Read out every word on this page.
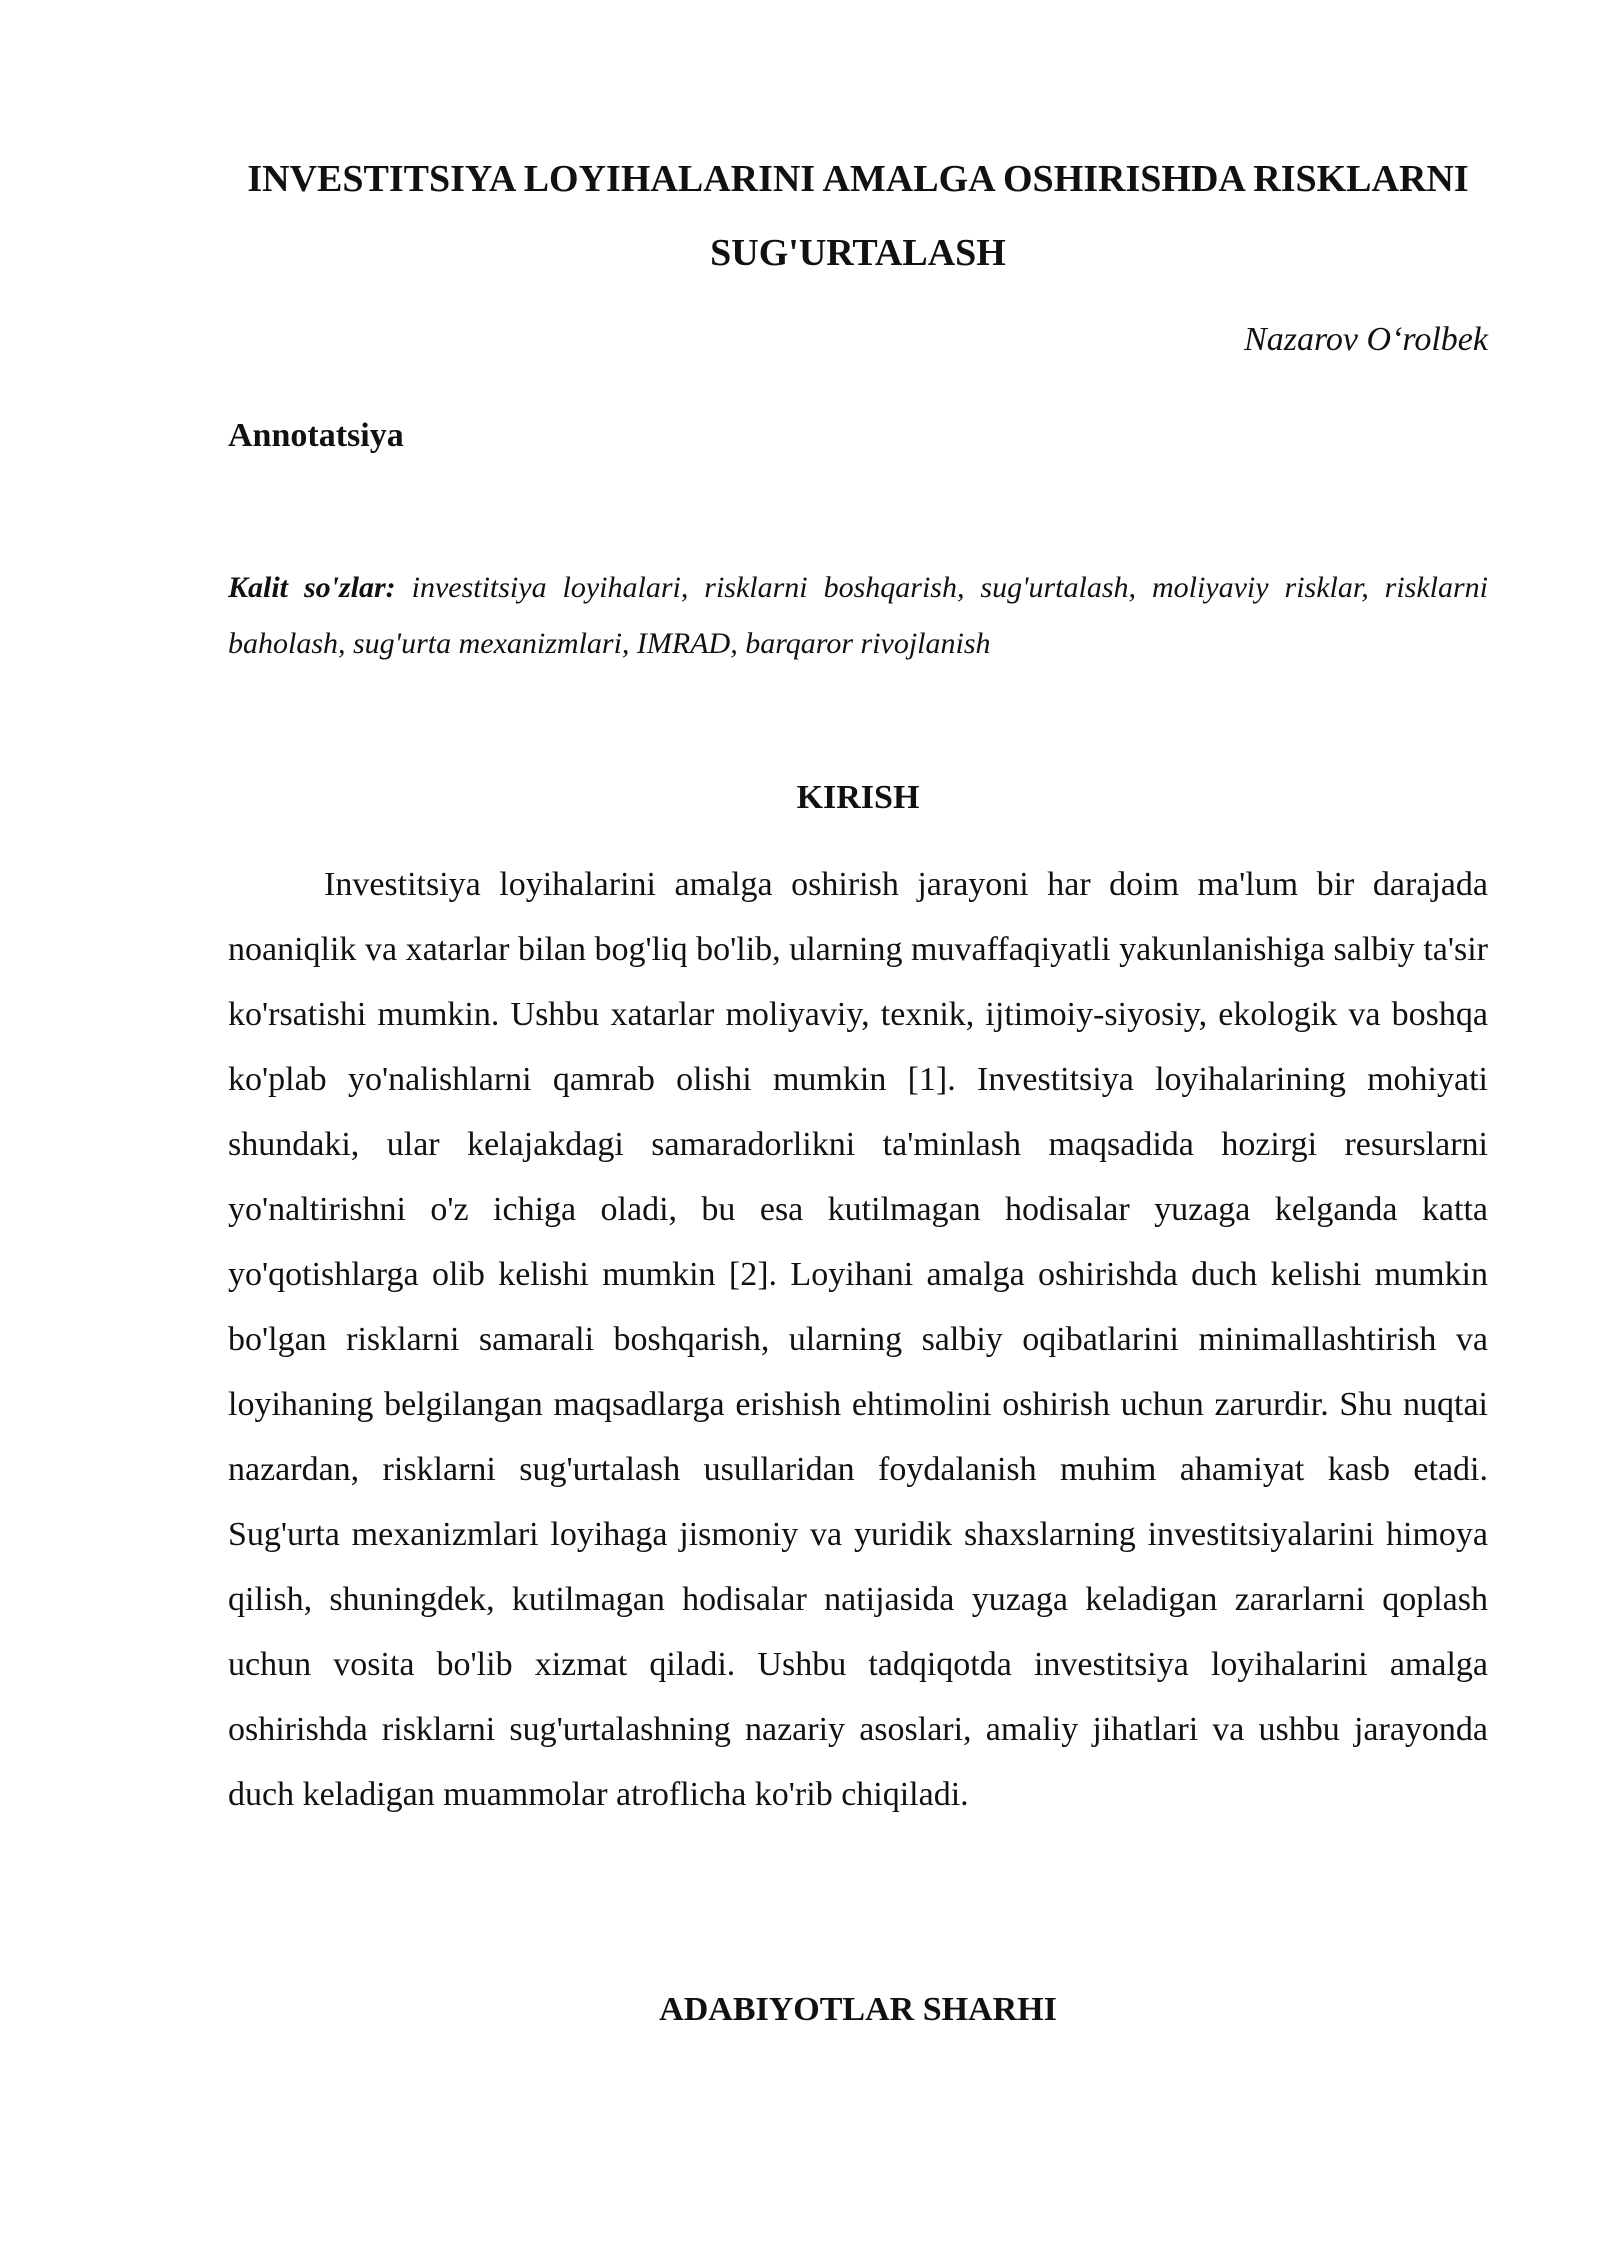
INVESTITSIYA LOYIHALARINI AMALGA OSHIRISHDA RISKLARNI SUG'URTALASH

Nazarov O‘rolbek

Annotatsiya

Kalit so'zlar: investitsiya loyihalari, risklarni boshqarish, sug'urtalash, moliyaviy risklar, risklarni baholash, sug'urta mexanizmlari, IMRAD, barqaror rivojlanish

KIRISH

Investitsiya loyihalarini amalga oshirish jarayoni har doim ma'lum bir darajada noaniqlik va xatarlar bilan bog'liq bo'lib, ularning muvaffaqiyatli yakunlanishiga salbiy ta'sir ko'rsatishi mumkin. Ushbu xatarlar moliyaviy, texnik, ijtimoiy-siyosiy, ekologik va boshqa ko'plab yo'nalishlarni qamrab olishi mumkin [1]. Investitsiya loyihalarining mohiyati shundaki, ular kelajakdagi samaradorlikni ta'minlash maqsadida hozirgi resurslarni yo'naltirishni o'z ichiga oladi, bu esa kutilmagan hodisalar yuzaga kelganda katta yo'qotishlarga olib kelishi mumkin [2]. Loyihani amalga oshirishda duch kelishi mumkin bo'lgan risklarni samarali boshqarish, ularning salbiy oqibatlarini minimallashtirish va loyihaning belgilangan maqsadlarga erishish ehtimolini oshirish uchun zarurdir. Shu nuqtai nazardan, risklarni sug'urtalash usullaridan foydalanish muhim ahamiyat kasb etadi. Sug'urta mexanizmlari loyihaga jismoniy va yuridik shaxslarning investitsiyalarini himoya qilish, shuningdek, kutilmagan hodisalar natijasida yuzaga keladigan zararlarni qoplash uchun vosita bo'lib xizmat qiladi. Ushbu tadqiqotda investitsiya loyihalarini amalga oshirishda risklarni sug'urtalashning nazariy asoslari, amaliy jihatlari va ushbu jarayonda duch keladigan muammolar atroflicha ko'rib chiqiladi.

ADABIYOTLAR SHARHI
